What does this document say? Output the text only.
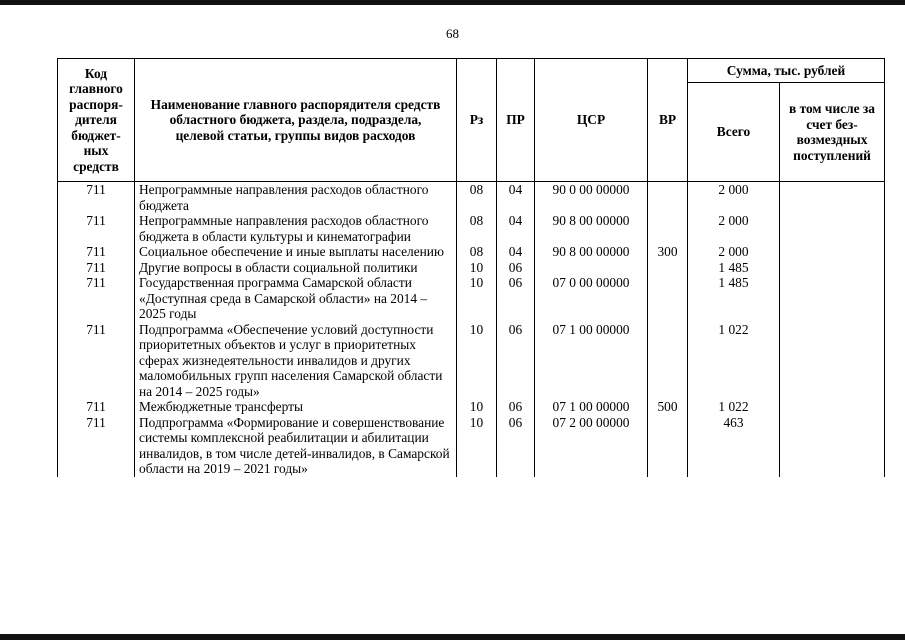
68
Код главного распоря-дителя бюджет-ных средств	Наименование главного распорядителя средств областного бюджета, раздела, подраздела, целевой статьи, группы видов расходов	Рз	ПР	ЦСР	ВР	Сумма, тыс. рублей	
						Всего	в том числе за счет без-возмездных поступлений
711	Непрограммные направления расходов областного бюджета	08	04	90 0 00 00000		2 000	
711	Непрограммные направления расходов областного бюджета в области культуры и кинематографии	08	04	90 8 00 00000		2 000	
711	Социальное обеспечение и иные выплаты населению	08	04	90 8 00 00000	300	2 000	
711	Другие вопросы в области социальной политики	10	06			1 485	
711	Государственная программа Самарской области «Доступная среда в Самарской области» на 2014 – 2025 годы	10	06	07 0 00 00000		1 485	
711	Подпрограмма «Обеспечение условий доступности приоритетных объектов и услуг в приоритетных сферах жизнедеятельности инвалидов и других маломобильных групп населения Самарской области на 2014 – 2025 годы»	10	06	07 1 00 00000		1 022	
711	Межбюджетные трансферты	10	06	07 1 00 00000	500	1 022	
711	Подпрограмма «Формирование и совершенствование системы комплексной реабилитации и абилитации инвалидов, в том числе детей-инвалидов, в Самарской области на 2019 – 2021 годы»	10	06	07 2 00 00000		463	
